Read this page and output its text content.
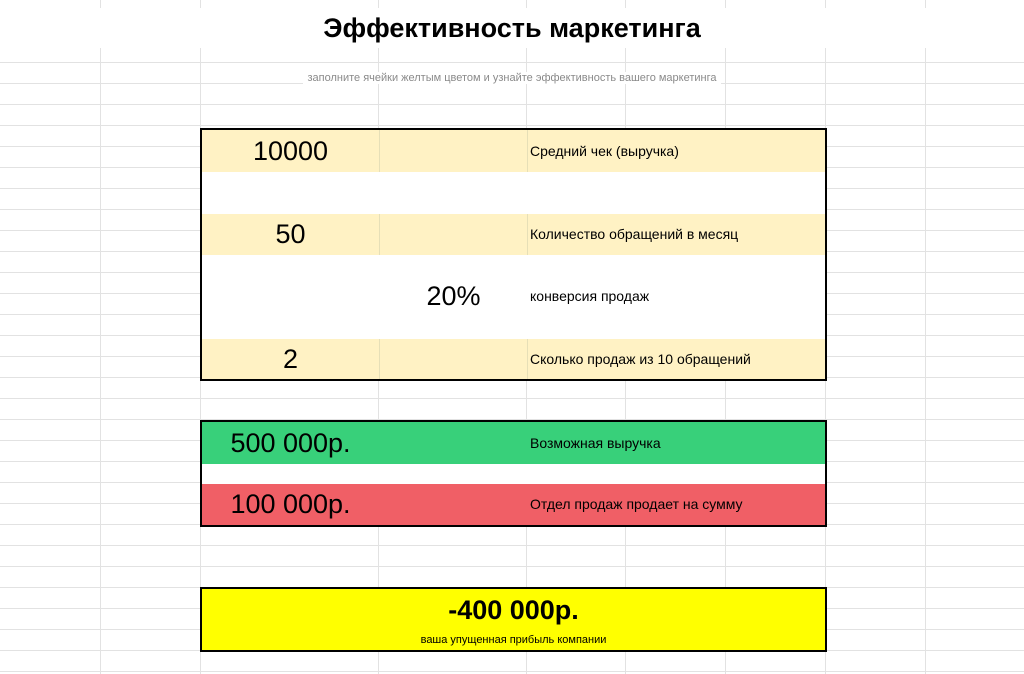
Эффективность маркетинга
заполните ячейки желтым цветом и узнайте эффективность вашего маркетинга
10000	Средний чек (выручка)
50	Количество обращений в месяц
20%	конверсия продаж
2	Сколько продаж из 10 обращений
500 000р.	Возможная выручка
100 000р.	Отдел продаж продает на сумму
-400 000р.
ваша упущенная прибыль компании
